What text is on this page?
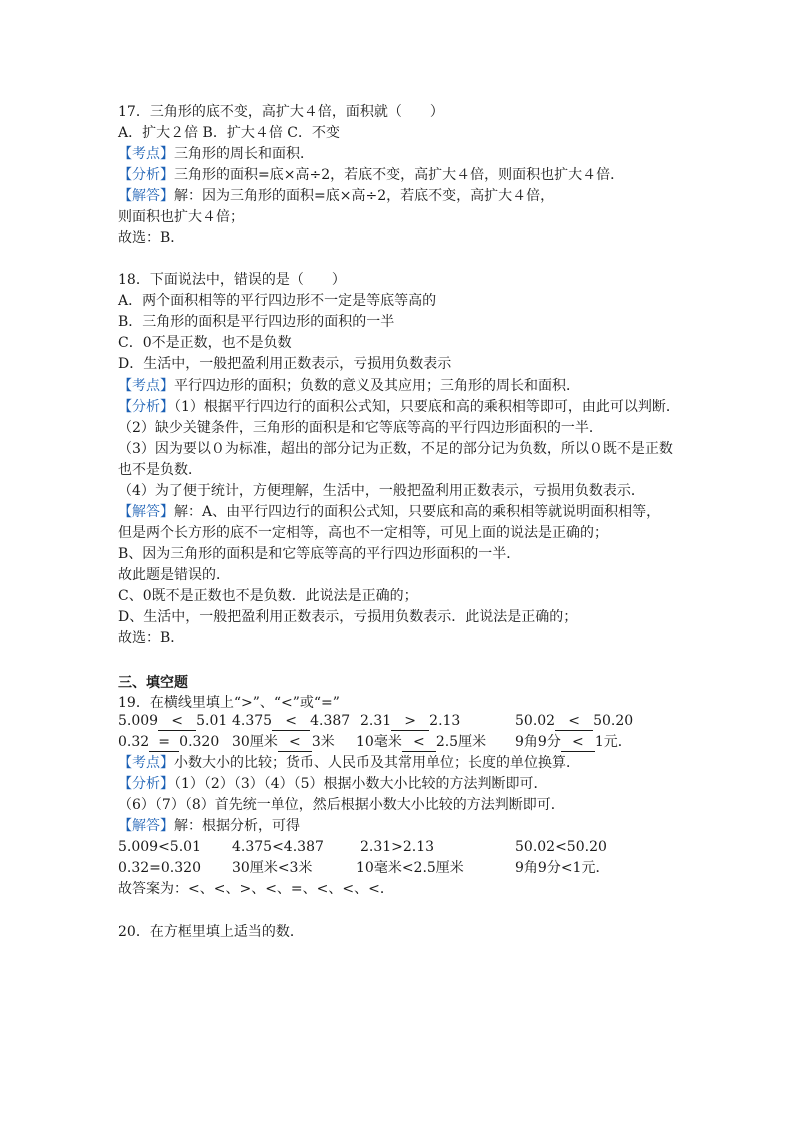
17．三角形的底不变，高扩大４倍，面积就（　　）
A．扩大２倍 B．扩大４倍 C．不变
【考点】三角形的周长和面积．
【分析】三角形的面积=底×高÷2，若底不变，高扩大４倍，则面积也扩大４倍．
【解答】解：因为三角形的面积=底×高÷2，若底不变，高扩大４倍，
则面积也扩大４倍；
故选：B．
18．下面说法中，错误的是（　　）
A．两个面积相等的平行四边形不一定是等底等高的
B．三角形的面积是平行四边形的面积的一半
C．0不是正数，也不是负数
D．生活中，一般把盈利用正数表示，亏损用负数表示
【考点】平行四边形的面积；负数的意义及其应用；三角形的周长和面积．
【分析】（1）根据平行四边行的面积公式知，只要底和高的乘积相等即可，由此可以判断．
（2）缺少关键条件，三角形的面积是和它等底等高的平行四边形面积的一半．
（3）因为要以０为标准，超出的部分记为正数，不足的部分记为负数，所以０既不是正数
也不是负数．
（4）为了便于统计，方便理解，生活中，一般把盈利用正数表示，亏损用负数表示．
【解答】解：A、由平行四边行的面积公式知，只要底和高的乘积相等就说明面积相等，
但是两个长方形的底不一定相等，高也不一定相等，可见上面的说法是正确的；
B、因为三角形的面积是和它等底等高的平行四边形面积的一半．
故此题是错误的．
C、0既不是正数也不是负数．此说法是正确的；
D、生活中，一般把盈利用正数表示，亏损用负数表示．此说法是正确的；
故选：B．
三、填空题
19．在横线里填上“>”、“<”或“=”
5.009 < 5.01 4.375 < 4.387 2.31 > 2.13	50.02 < 50.20
0.32 = 0.320 30厘米 < 3米 10毫米 < 2.5厘米 9角9分 < 1元．
【考点】小数大小的比较；货币、人民币及其常用单位；长度的单位换算．
【分析】（1）（2）（3）（4）（5）根据小数大小比较的方法判断即可．
（6）（7）（8）首先统一单位，然后根据小数大小比较的方法判断即可．
【解答】解：根据分析，可得
5.009<5.01 4.375<4.387	2.31>2.13	50.02<50.20
0.32=0.320 30厘米<3米	10毫米<2.5厘米	9角9分<1元．
故答案为：<、<、>、<、=、<、<、<．
20．在方框里填上适当的数．
